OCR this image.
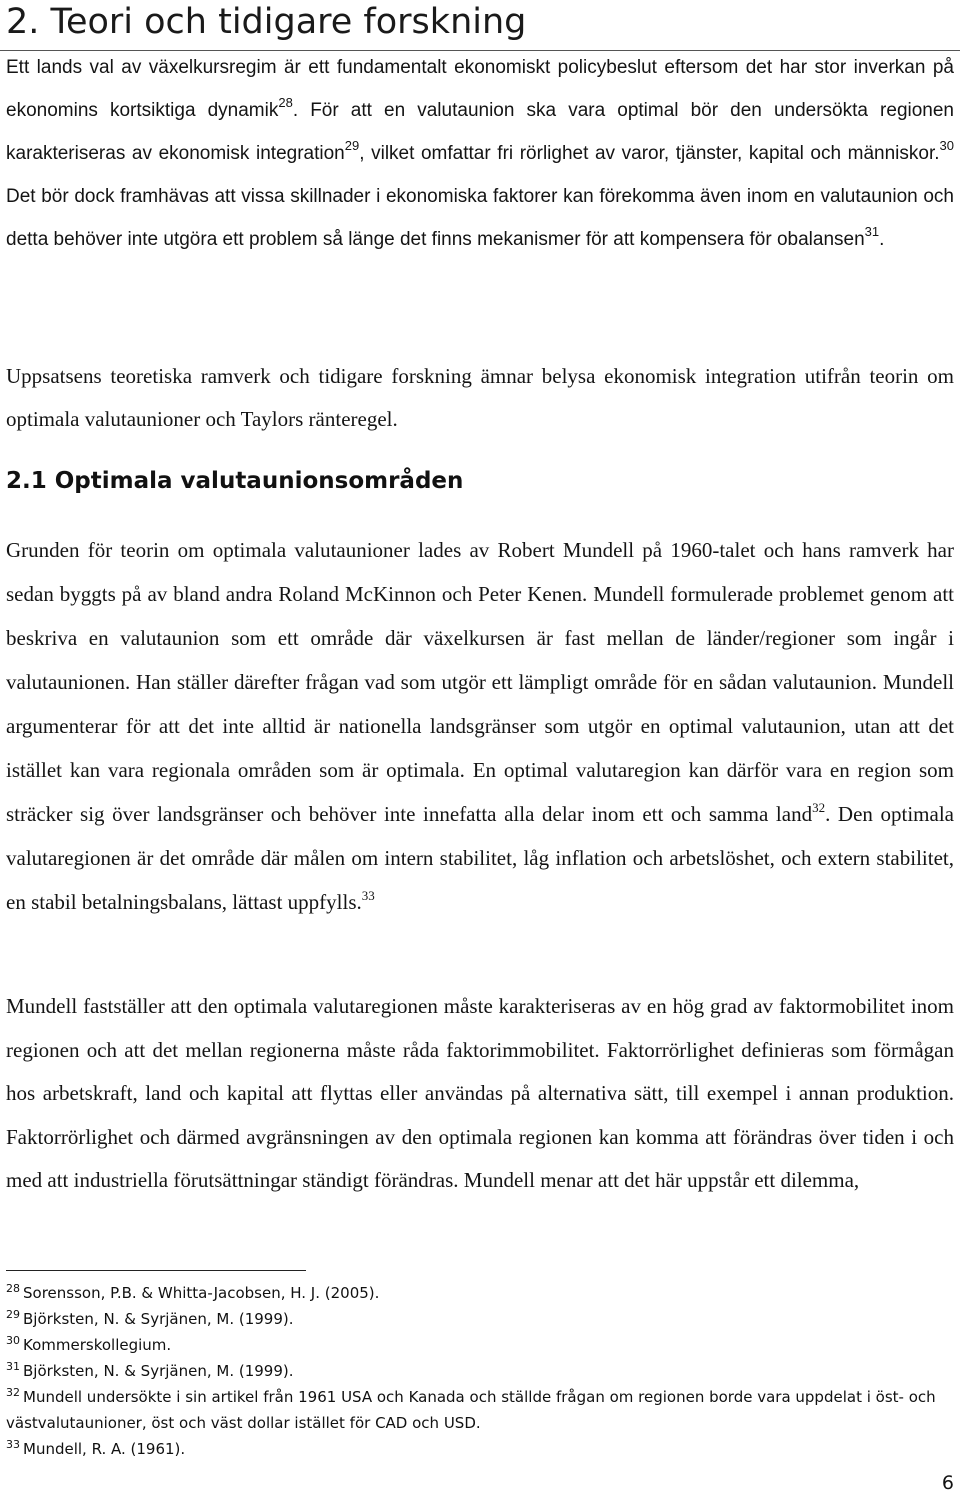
2. Teori och tidigare forskning

Ett lands val av växelkursregim är ett fundamentalt ekonomiskt policybeslut eftersom det har stor inverkan på ekonomins kortsiktiga dynamik$^{28}$. För att en valutaunion ska vara optimal bör den undersökta regionen karakteriseras av ekonomisk integration$^{29}$, vilket omfattar fri rörlighet av varor, tjänster, kapital och människor.$^{30}$ Det bör dock framhävas att vissa skillnader i ekonomiska faktorer kan förekomma även inom en valutaunion och detta behöver inte utgöra ett problem så länge det finns mekanismer för att kompensera för obalansen$^{31}$.

Uppsatsens teoretiska ramverk och tidigare forskning ämnar belysa ekonomisk integration utifrån teorin om optimala valutaunioner och Taylors ränteregel.

2.1 Optimala valutaunionsområden

Grunden för teorin om optimala valutaunioner lades av Robert Mundell på 1960-talet och hans ramverk har sedan byggts på av bland andra Roland McKinnon och Peter Kenen. Mundell formulerade problemet genom att beskriva en valutaunion som ett område där växelkursen är fast mellan de länder/regioner som ingår i valutaunionen. Han ställer därefter frågan vad som utgör ett lämpligt område för en sådan valutaunion. Mundell argumenterar för att det inte alltid är nationella landsgränser som utgör en optimal valutaunion, utan att det istället kan vara regionala områden som är optimala. En optimal valutaregion kan därför vara en region som sträcker sig över landsgränser och behöver inte innefatta alla delar inom ett och samma land$^{32}$. Den optimala valutaregionen är det område där målen om intern stabilitet, låg inflation och arbetslöshet, och extern stabilitet, en stabil betalningsbalans, lättast uppfylls.$^{33}$

Mundell fastställer att den optimala valutaregionen måste karakteriseras av en hög grad av faktormobilitet inom regionen och att det mellan regionerna måste råda faktorimmobilitet. Faktorrörlighet definieras som förmågan hos arbetskraft, land och kapital att flyttas eller användas på alternativa sätt, till exempel i annan produktion. Faktorrörlighet och därmed avgränsningen av den optimala regionen kan komma att förändras över tiden i och med att industriella förutsättningar ständigt förändras. Mundell menar att det här uppstår ett dilemma,

$^{28}$ Sorensson, P.B. & Whitta-Jacobsen, H. J. (2005).

$^{29}$ Björksten, N. & Syrjänen, M. (1999).

$^{30}$ Kommerskollegium.

$^{31}$ Björksten, N. & Syrjänen, M. (1999).

$^{32}$ Mundell undersökte i sin artikel från 1961 USA och Kanada och ställde frågan om regionen borde vara uppdelat i öst- och västvalutaunioner, öst och väst dollar istället för CAD och USD.

$^{33}$ Mundell, R. A. (1961).

6
